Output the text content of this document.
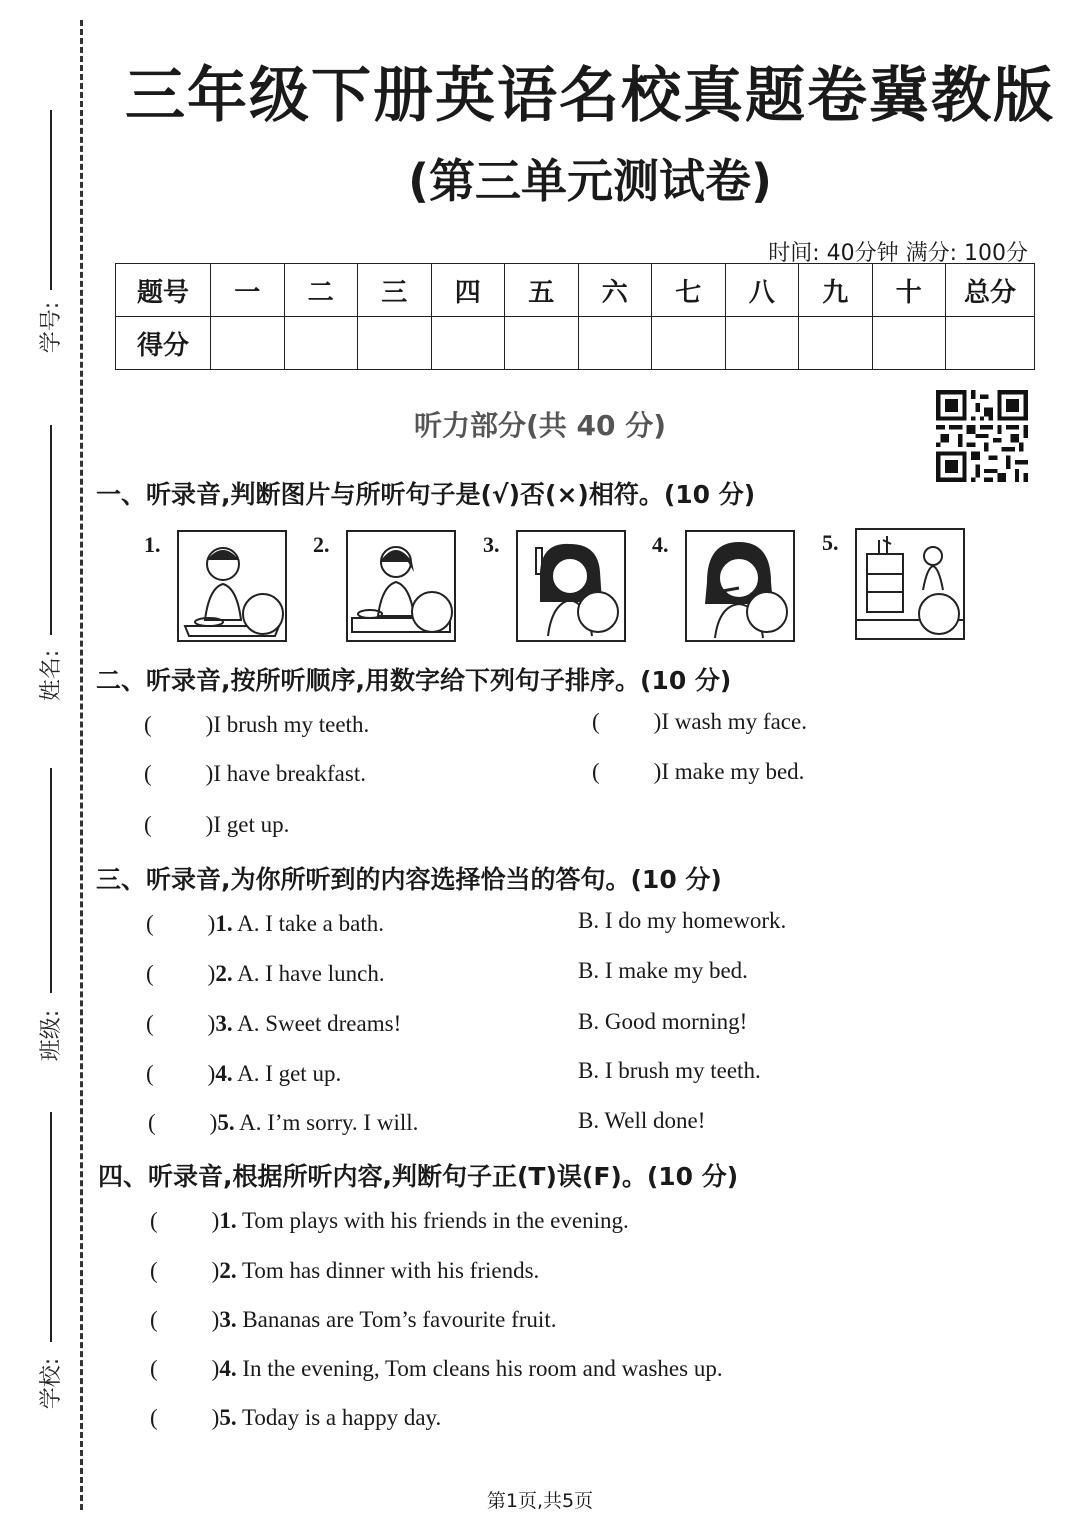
学号:
姓名:
班级:
学校:
三年级下册英语名校真题卷冀教版
(第三单元测试卷)
时间: 40分钟 满分: 100分
题号	一	二	三	四	五	六	七	八	九	十	总分
得分											
听力部分(共 40 分)
一、听录音,判断图片与所听句子是(√)否(×)相符。(10 分)
1.	2.	3.	4.	5.
二、听录音,按所听顺序,用数字给下列句子排序。(10 分)
( )I brush my teeth.	( )I wash my face.
( )I have breakfast.	( )I make my bed.
( )I get up.
三、听录音,为你所听到的内容选择恰当的答句。(10 分)
( )1. A. I take a bath.	B. I do my homework.
( )2. A. I have lunch.	B. I make my bed.
( )3. A. Sweet dreams!	B. Good morning!
( )4. A. I get up.	B. I brush my teeth.
( )5. A. I’m sorry. I will.	B. Well done!
四、听录音,根据所听内容,判断句子正(T)误(F)。(10 分)
( )1. Tom plays with his friends in the evening.
( )2. Tom has dinner with his friends.
( )3. Bananas are Tom’s favourite fruit.
( )4. In the evening, Tom cleans his room and washes up.
( )5. Today is a happy day.
第1页,共5页
